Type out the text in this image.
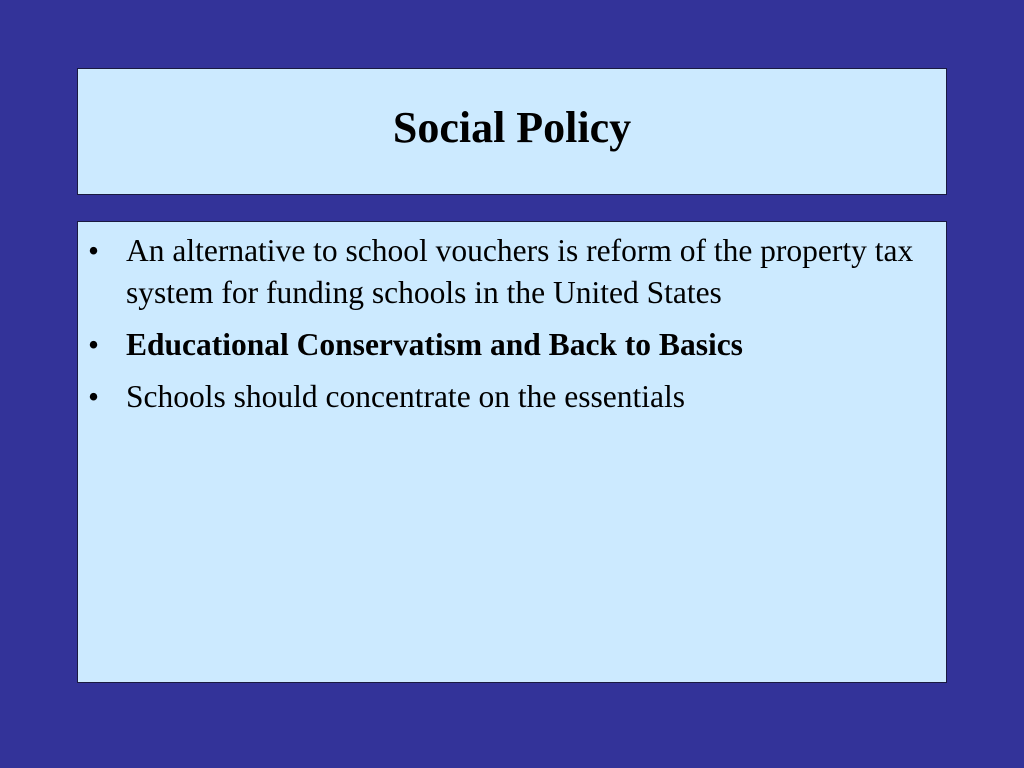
Social Policy
• An alternative to school vouchers is reform of the property tax system for funding schools in the United States
• Educational Conservatism and Back to Basics
• Schools should concentrate on the essentials
